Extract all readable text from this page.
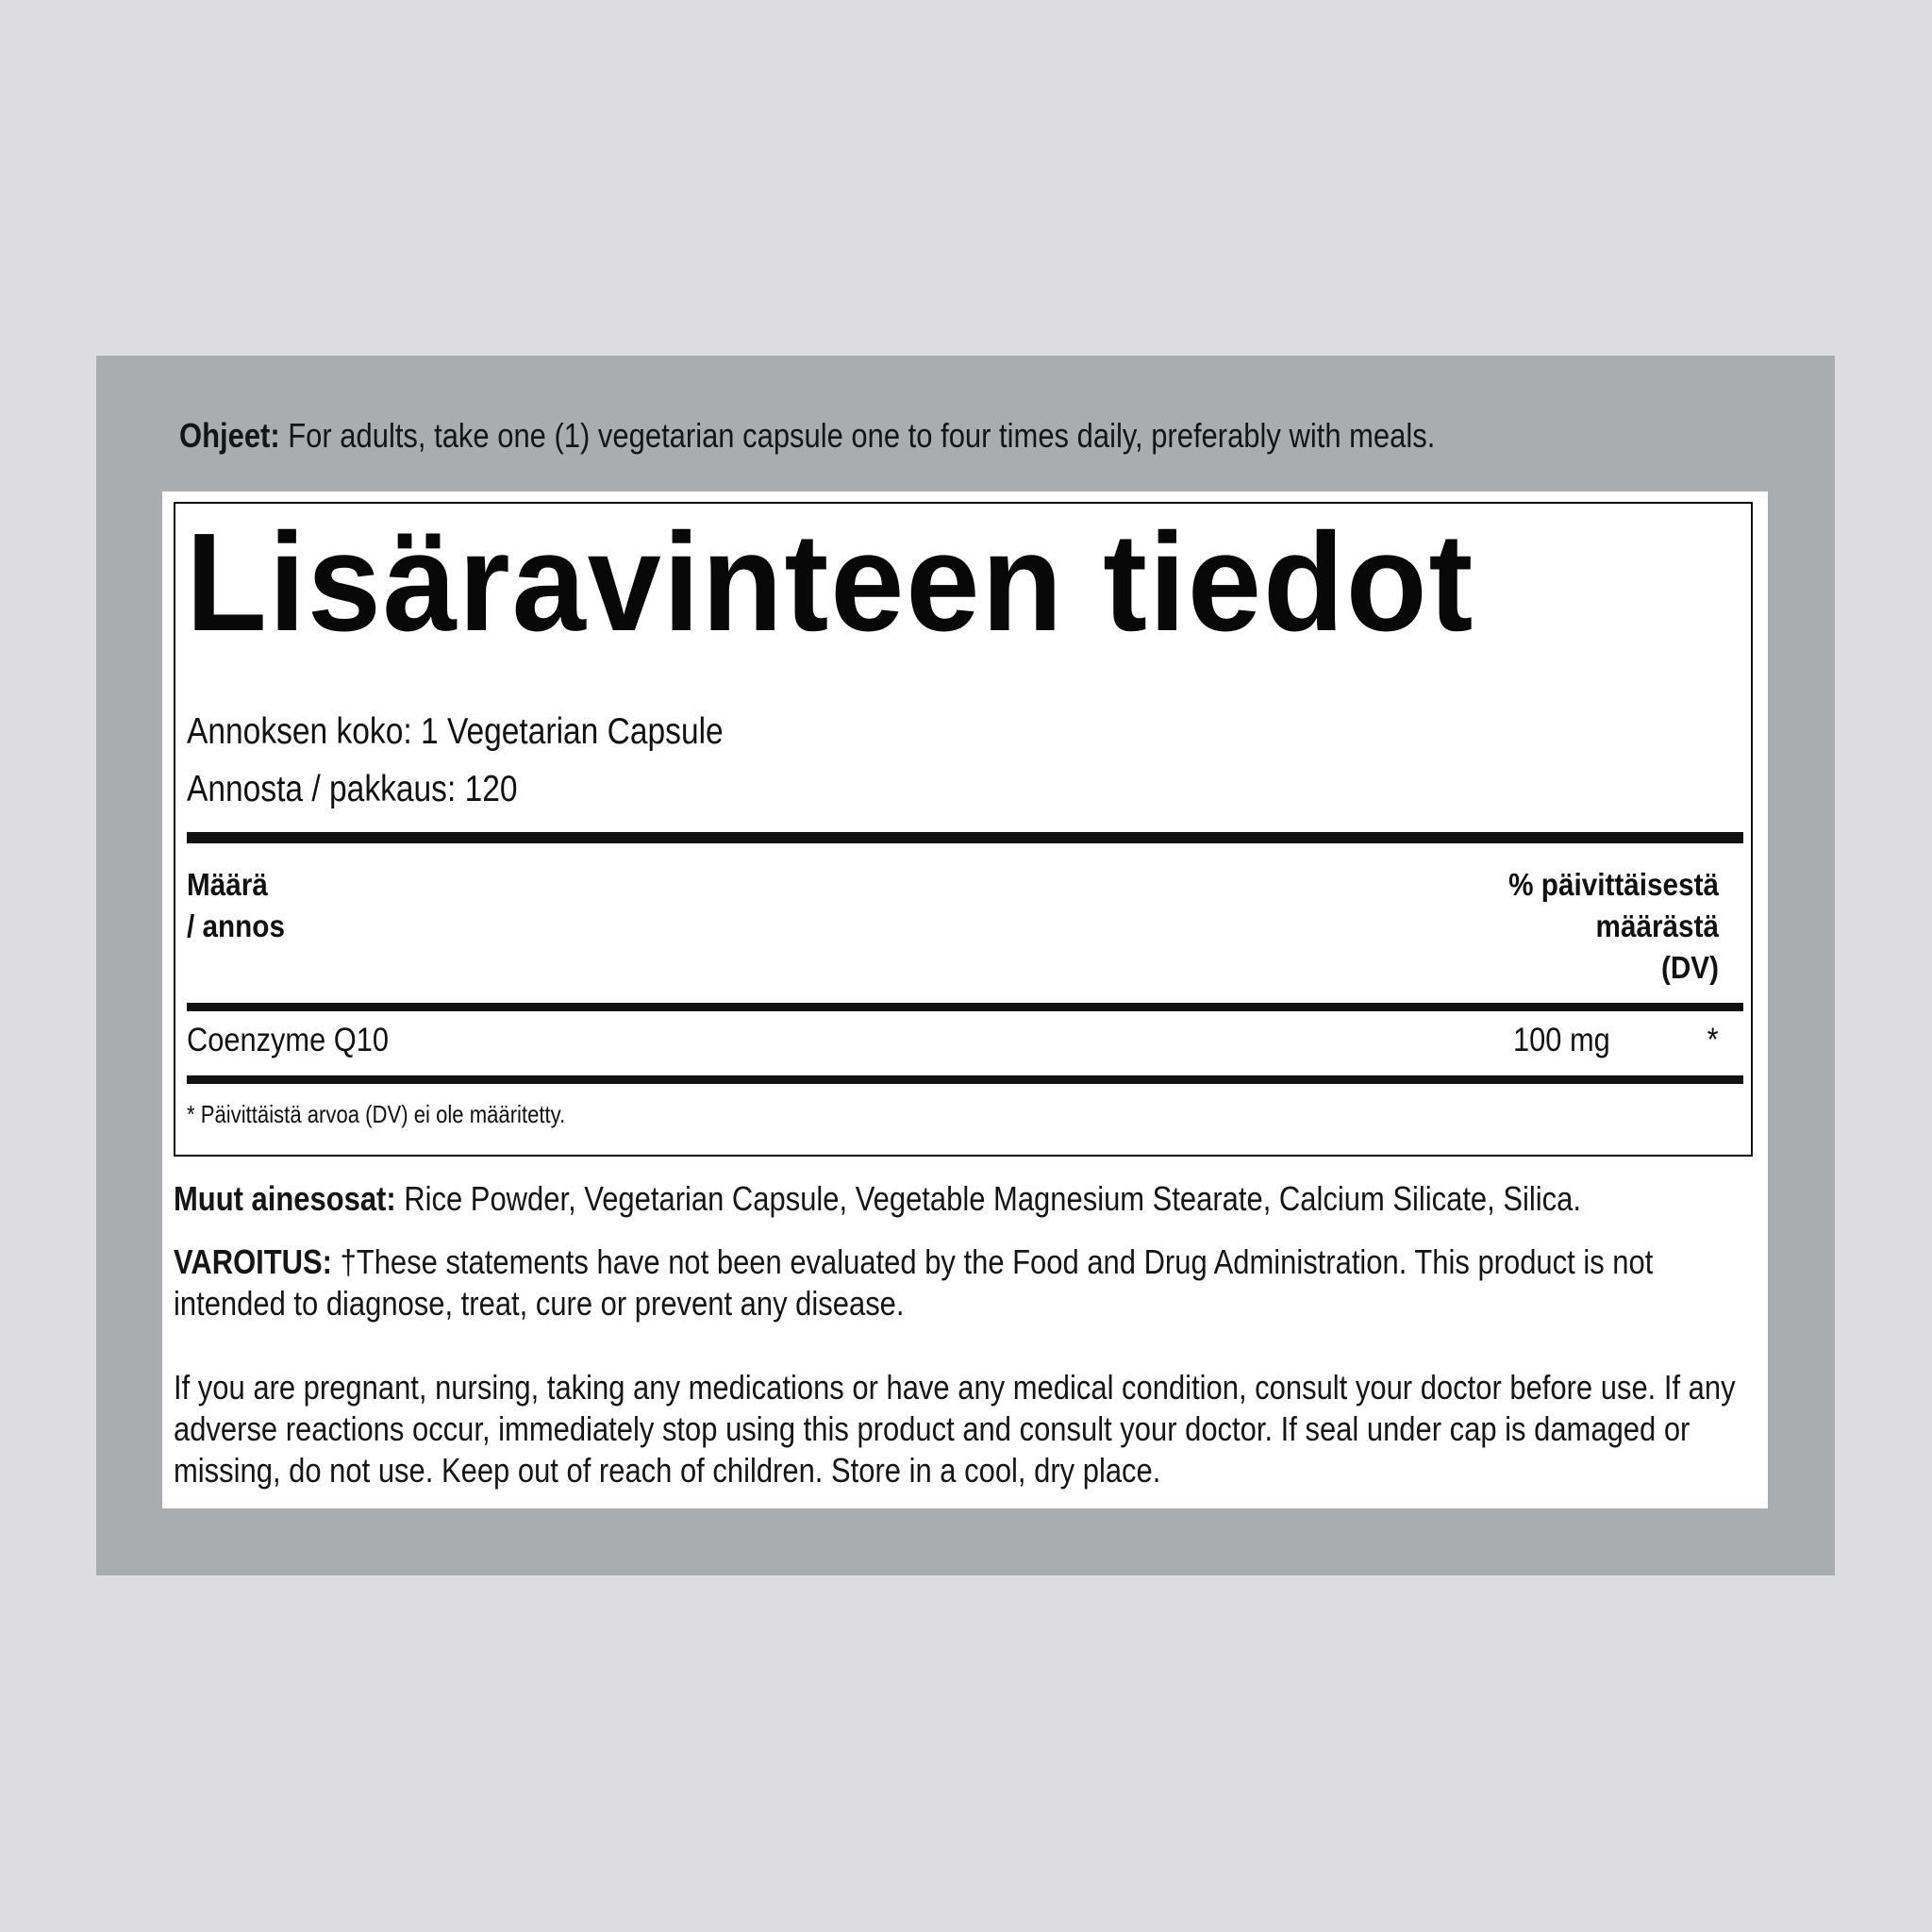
Ohjeet: For adults, take one (1) vegetarian capsule one to four times daily, preferably with meals.
Lisäravinteen tiedot
Annoksen koko: 1 Vegetarian Capsule
Annosta / pakkaus: 120
Määrä
/ annos
% päivittäisestä
määrästä
(DV)
Coenzyme Q10	100 mg	*
* Päivittäistä arvoa (DV) ei ole määritetty.
Muut ainesosat: Rice Powder, Vegetarian Capsule, Vegetable Magnesium Stearate, Calcium Silicate, Silica.
VAROITUS: †These statements have not been evaluated by the Food and Drug Administration. This product is not intended to diagnose, treat, cure or prevent any disease.
If you are pregnant, nursing, taking any medications or have any medical condition, consult your doctor before use. If any adverse reactions occur, immediately stop using this product and consult your doctor. If seal under cap is damaged or missing, do not use. Keep out of reach of children. Store in a cool, dry place.
